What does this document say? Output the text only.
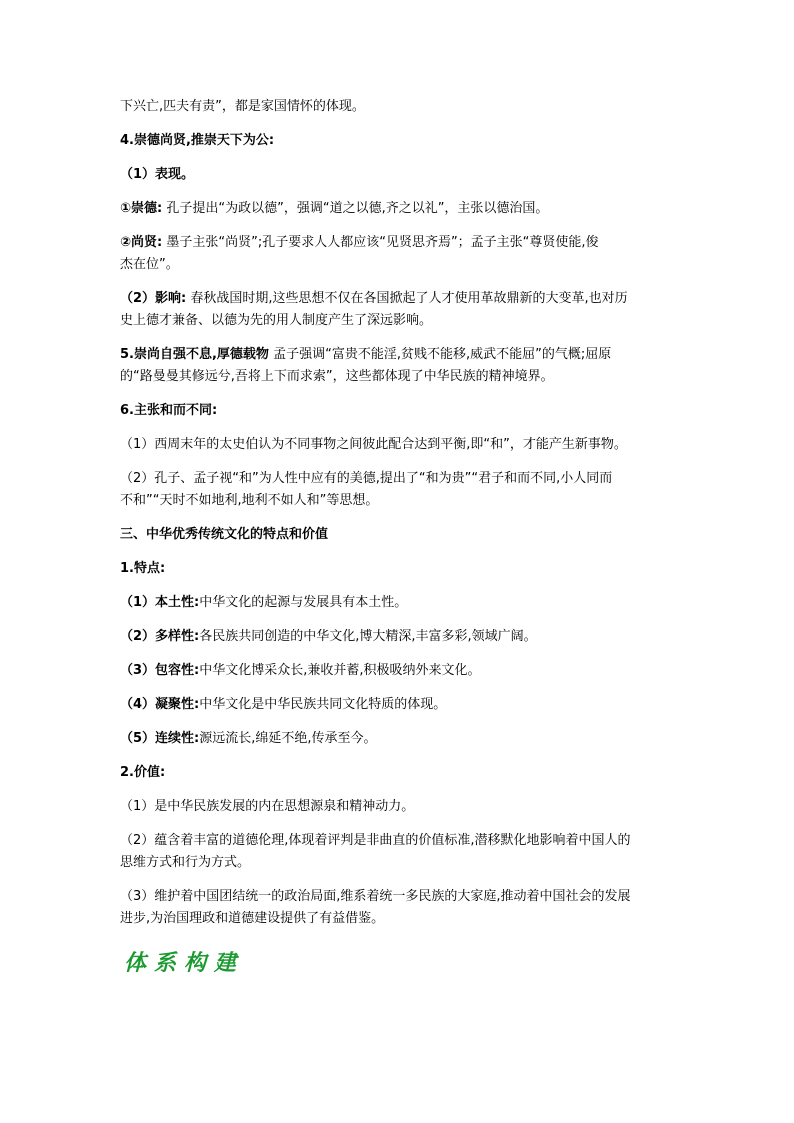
下兴亡,匹夫有责”，都是家国情怀的体现。
4.崇德尚贤,推崇天下为公:
（1）表现。
①崇德: 孔子提出“为政以德”，强调“道之以德,齐之以礼”，主张以德治国。
②尚贤: 墨子主张“尚贤”;孔子要求人人都应该“见贤思齐焉”；孟子主张“尊贤使能,俊
杰在位”。
（2）影响: 春秋战国时期,这些思想不仅在各国掀起了人才使用革故鼎新的大变革,也对历
史上德才兼备、以德为先的用人制度产生了深远影响。
5.崇尚自强不息,厚德载物 孟子强调“富贵不能淫,贫贱不能移,威武不能屈”的气概;屈原
的“路曼曼其修远兮,吾将上下而求索”，这些都体现了中华民族的精神境界。
6.主张和而不同:
（1）西周末年的太史伯认为不同事物之间彼此配合达到平衡,即“和”，才能产生新事物。
（2）孔子、孟子视“和”为人性中应有的美德,提出了“和为贵”“君子和而不同,小人同而
不和”“天时不如地利,地利不如人和”等思想。
三、中华优秀传统文化的特点和价值
1.特点:
（1）本土性:中华文化的起源与发展具有本土性。
（2）多样性:各民族共同创造的中华文化,博大精深,丰富多彩,领域广阔。
（3）包容性:中华文化博采众长,兼收并蓄,积极吸纳外来文化。
（4）凝聚性:中华文化是中华民族共同文化特质的体现。
（5）连续性:源远流长,绵延不绝,传承至今。
2.价值:
（1）是中华民族发展的内在思想源泉和精神动力。
（2）蕴含着丰富的道德伦理,体现着评判是非曲直的价值标准,潜移默化地影响着中国人的
思维方式和行为方式。
（3）维护着中国团结统一的政治局面,维系着统一多民族的大家庭,推动着中国社会的发展
进步,为治国理政和道德建设提供了有益借鉴。
体系构建
